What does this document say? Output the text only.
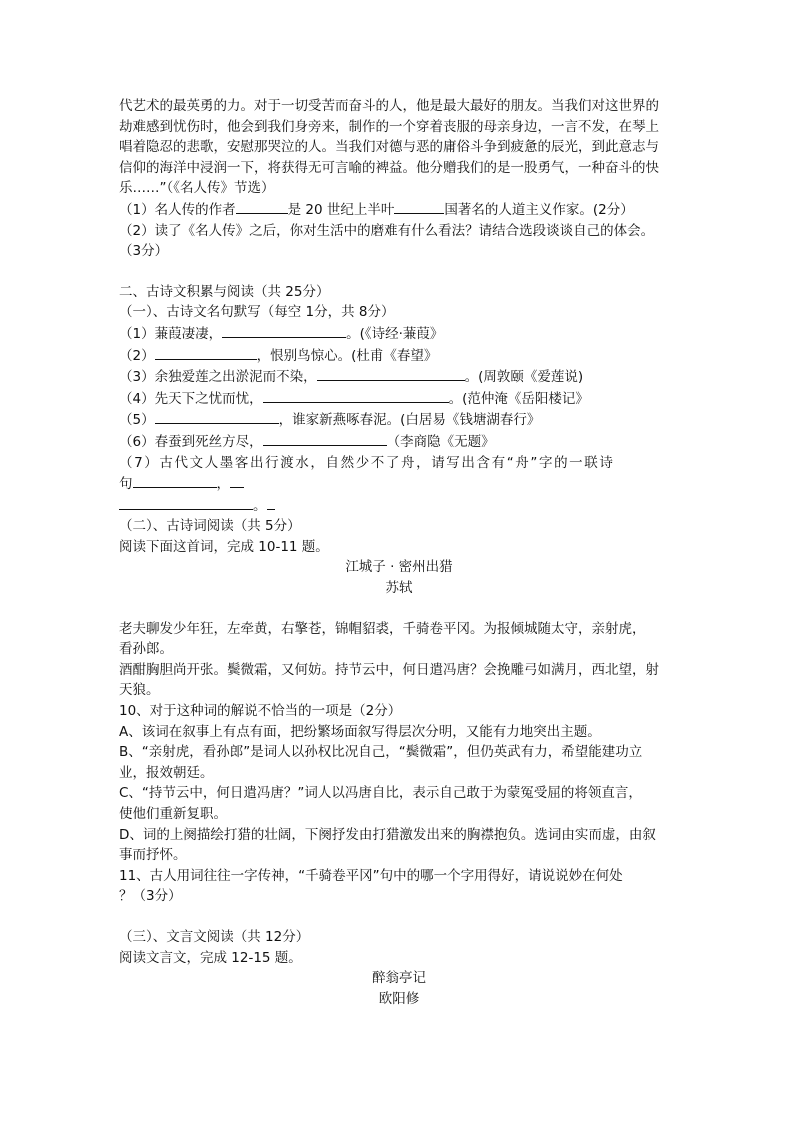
代艺术的最英勇的力。对于一切受苦而奋斗的人，他是最大最好的朋友。当我们对这世界的

劫难感到忧伤时，他会到我们身旁来，制作的一个穿着丧服的母亲身边，一言不发，在琴上

唱着隐忍的悲歌，安慰那哭泣的人。当我们对德与恶的庸俗斗争到疲惫的辰光，到此意志与

信仰的海洋中浸润一下，将获得无可言喻的裨益。他分赠我们的是一股勇气，一种奋斗的快

乐……”（《名人传》节选）

（1）名人传的作者	是 20 世纪上半叶	国著名的人道主义作家。(2分）

（2）读了《名人传》之后，你对生活中的磨难有什么看法？请结合选段谈谈自己的体会。

（3分）

二、古诗文积累与阅读（共 25分）

（一）、古诗文名句默写（每空 1分，共 8分）

（1）蒹葭凄凄，	。(《诗经·蒹葭》

（2）	，恨别鸟惊心。(杜甫《春望》

（3）余独爱莲之出淤泥而不染，	。(周敦颐《爱莲说)

（4）先天下之忧而忧，	。(范仲淹《岳阳楼记》

（5）	，谁家新燕啄春泥。(白居易《钱塘湖春行》

（6）春蚕到死丝方尽，	（李商隐《无题》

（7）古代文人墨客出行渡水，自然少不了舟，请写出含有“舟”字的一联诗

句	，

。

（二）、古诗词阅读（共 5分）

阅读下面这首词，完成 10-11 题。

江城子 · 密州出猎

苏轼

老夫聊发少年狂，左牵黄，右擎苍，锦帽貂裘，千骑卷平冈。为报倾城随太守，亲射虎，

看孙郎。

酒酣胸胆尚开张。鬓微霜，又何妨。持节云中，何日遣冯唐？会挽雕弓如满月，西北望，射

天狼。

10、对于这种词的解说不恰当的一项是（2分）

A、该词在叙事上有点有面，把纷繁场面叙写得层次分明，又能有力地突出主题。

B、“亲射虎，看孙郎”是词人以孙权比况自己，“鬓微霜”，但仍英武有力，希望能建功立

业，报效朝廷。

C、“持节云中，何日遣冯唐？”词人以冯唐自比，表示自己敢于为蒙冤受屈的将领直言，

使他们重新复职。

D、词的上阕描绘打猎的壮阔，下阕抒发由打猎激发出来的胸襟抱负。选词由实而虚，由叙

事而抒怀。

11、古人用词往往一字传神，“千骑卷平冈”句中的哪一个字用得好，请说说妙在何处

？（3分）

（三）、文言文阅读（共 12分）

阅读文言文，完成 12-15 题。

醉翁亭记

欧阳修
